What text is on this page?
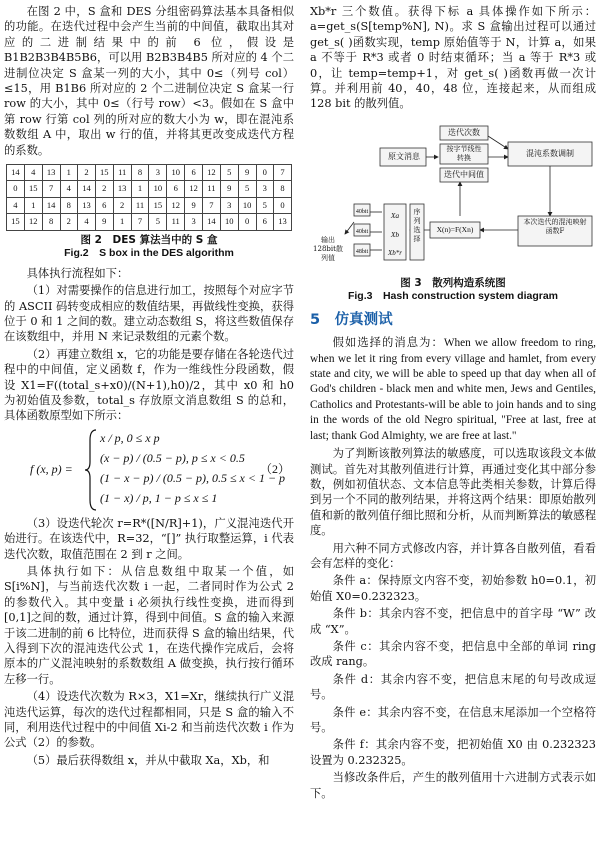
在图 2 中，S 盒和 DES 分组密码算法基本具备相似的功能。在迭代过程中会产生当前的中间值，截取出其对应的二进制结果中的前 6 位，假设是 B1B2B3B4B5B6，可以用 B2B3B4B5 所对应的 4 个二进制位决定 S 盒某一列的大小，其中 0≤（列号 col）≤15，用 B1B6 所对应的 2 个二进制位决定 S 盒某一行 row 的大小，其中 0≤（行号 row）<3。假如在 S 盒中第 row 行第 col 列的所对应的数大小为 w，即在混沌系数数组 A 中，取出 w 行的值，并将其更改变成迭代方程的系数。

14	4	13	1	2	15	11	8	3	10	6	12	5	9	0	7
0	15	7	4	14	2	13	1	10	6	12	11	9	5	3	8
4	1	14	8	13	6	2	11	15	12	9	7	3	10	5	0
15	12	8	2	4	9	1	7	5	11	3	14	10	0	6	13
图 2　DES 算法当中的 S 盒
Fig.2　S box in the DES algorithm

具体执行流程如下：

（1）对需要操作的信息进行加工，按照每个对应字节的 ASCII 码转变成相应的数值结果，再做线性变换，获得位于 0 和 1 之间的数。建立动态数组 S，将这些数值保存在该数组中，并用 N 来记录数组的元素个数。

（2）再建立数组 x，它的功能是要存储在各轮迭代过程中的中间值，定义函数 f，作为一维线性分段函数，假设 X1=F((total_s+x0)/(N+1),h0)/2，其中 x0 和 h0 为初始值及参数，total_s 存放原文消息数组 S 的总和，具体函数原型如下所示：

f (x, p) =
x / p, 0 ≤ x p
(x − p) / (0.5 − p), p ≤ x < 0.5
(1 − x − p) / (0.5 − p), 0.5 ≤ x < 1 − p
(1 − x) / p, 1 − p ≤ x ≤ 1
（2）

（3）设迭代轮次 r=R*([N/R]+1)，广义混沌迭代开始进行。在该迭代中，R=32，“[]” 执行取整运算，i 代表迭代次数，取值范围在 2 到 r 之间。

具体执行如下：从信息数组中取某一个值，如 S[i%N]，与当前迭代次数 i 一起，二者同时作为公式 2 的参数代入。其中变量 i 必须执行线性变换，进而得到[0,1]之间的数，通过计算，得到中间值。S 盒的输入来源于该二进制的前 6 比特位，进而获得 S 盒的输出结果，代入得到下次的混沌迭代公式 1，在迭代操作完成后，会将原本的广义混沌映射的系数数组 A 做变换，执行按行循环左移一行。

（4）设迭代次数为 R×3，X1=Xr，继续执行广义混沌迭代运算，每次的迭代过程都相同，只是 S 盒的输入不同，利用迭代过程中的中间值 Xi-2 和当前迭代次数 i 作为公式（2）的参数。

（5）最后获得数组 x，并从中截取 Xa，Xb，和

Xb*r 三个数值。获得下标 a 具体操作如下所示：a=get_s(S[temp%N], N)。求 S 盒输出过程可以通过 get_s( )函数实现，temp 原始值等于 N，计算 a，如果 a 不等于 R*3 或者 0 时结束循环；当 a 等于 R*3 或 0，让 temp=temp+1，对 get_s( )函数再做一次计算。并利用前 40，40，48 位，连接起来，从而组成 128 bit 的散列值。

原文消息
迭代次数
按字节线性转换
迭代中间值
混沌系数调制
本次迭代的混沌映射函数F
X(n)=F(Xn)
序列选择
Xa
Xb
Xb*r
40bit
40bit
48bit
输出128bit散列值
图 3　散列构造系统图
Fig.3　Hash construction system diagram
5　仿真测试

假如选择的消息为：When we allow freedom to ring, when we let it ring from every village and hamlet, from every state and city, we will be able to speed up that day when all of God's children - black men and white men, Jews and Gentiles, Catholics and Protestants-will be able to join hands and to sing in the words of the old Negro spiritual, "Free at last, free at last; thank God Almighty, we are free at last."

为了判断该散列算法的敏感度，可以选取该段文本做测试。首先对其散列值进行计算，再通过变化其中部分参数，例如初值状态、文本信息等此类相关参数，计算后得到另一个不同的散列结果，并将这两个结果：即原始散列值和新的散列值仔细比照和分析，从而判断算法的敏感程度。

用六种不同方式修改内容，并计算各自散列值，看看会有怎样的变化：

条件 a：保持原文内容不变，初始参数 h0=0.1，初始值 X0=0.232323。

条件 b：其余内容不变，把信息中的首字母 “W” 改成 “X”。

条件 c：其余内容不变，把信息中全部的单词 ring 改成 rang。

条件 d：其余内容不变，把信息末尾的句号改成逗号。

条件 e：其余内容不变，在信息末尾添加一个空格符号。

条件 f：其余内容不变，把初始值 X0 由 0.232323 设置为 0.232325。

当修改条件后，产生的散列值用十六进制方式表示如下。
